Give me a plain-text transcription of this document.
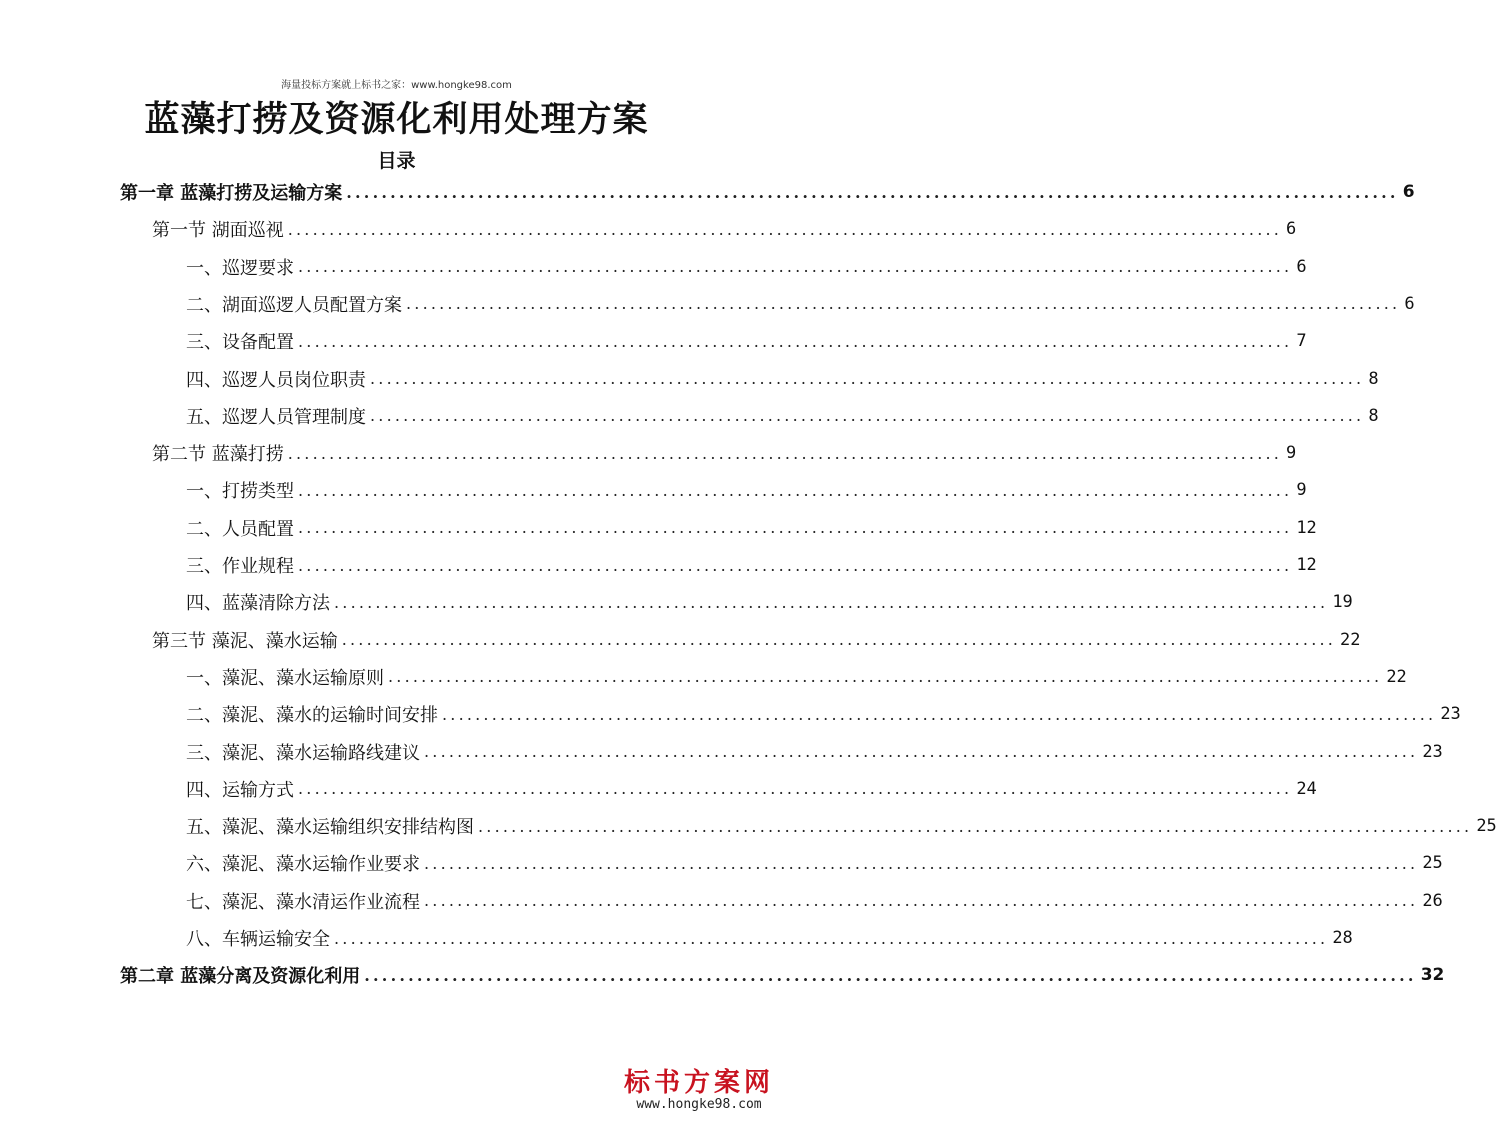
海量投标方案就上标书之家：www.hongke98.com
蓝藻打捞及资源化利用处理方案
目录
第一章 蓝藻打捞及运输方案 ........................................................................................................................ 6
第一节 湖面巡视 ........................................................................................................................ 6
一、巡逻要求 ........................................................................................................................ 6
二、湖面巡逻人员配置方案 ........................................................................................................................ 6
三、设备配置 ........................................................................................................................ 7
四、巡逻人员岗位职责 ........................................................................................................................ 8
五、巡逻人员管理制度 ........................................................................................................................ 8
第二节 蓝藻打捞 ........................................................................................................................ 9
一、打捞类型 ........................................................................................................................ 9
二、人员配置 ........................................................................................................................ 12
三、作业规程 ........................................................................................................................ 12
四、蓝藻清除方法 ........................................................................................................................ 19
第三节 藻泥、藻水运输 ........................................................................................................................ 22
一、藻泥、藻水运输原则 ........................................................................................................................ 22
二、藻泥、藻水的运输时间安排 ........................................................................................................................ 23
三、藻泥、藻水运输路线建议 ........................................................................................................................ 23
四、运输方式 ........................................................................................................................ 24
五、藻泥、藻水运输组织安排结构图 ........................................................................................................................ 25
六、藻泥、藻水运输作业要求 ........................................................................................................................ 25
七、藻泥、藻水清运作业流程 ........................................................................................................................ 26
八、车辆运输安全 ........................................................................................................................ 28
第二章 蓝藻分离及资源化利用 ........................................................................................................................ 32
标书方案网
www.hongke98.com
